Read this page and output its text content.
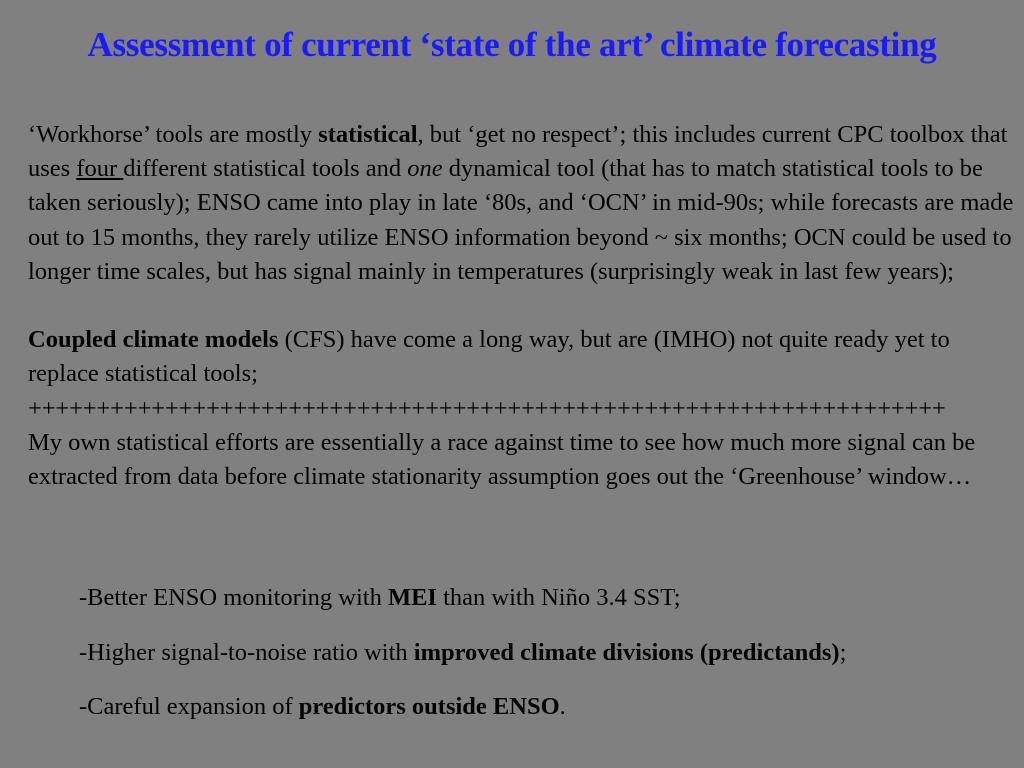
Assessment of current ‘state of the art’ climate forecasting

‘Workhorse’ tools are mostly statistical, but ‘get no respect’; this includes current CPC toolbox that uses four different statistical tools and one dynamical tool (that has to match statistical tools to be taken seriously); ENSO came into play in late ‘80s, and ‘OCN’ in mid-90s; while forecasts are made out to 15 months, they rarely utilize ENSO information beyond ~ six months; OCN could be used to longer time scales, but has signal mainly in temperatures (surprisingly weak in last few years);

Coupled climate models (CFS) have come a long way, but are (IMHO) not quite ready yet to replace statistical tools;

+++++++++++++++++++++++++++++++++++++++++++++++++++++++++++++++++++

My own statistical efforts are essentially a race against time to see how much more signal can be extracted from data before climate stationarity assumption goes out the ‘Greenhouse’ window…

-Better ENSO monitoring with MEI than with Niño 3.4 SST;

-Higher signal-to-noise ratio with improved climate divisions (predictands);

-Careful expansion of predictors outside ENSO.
